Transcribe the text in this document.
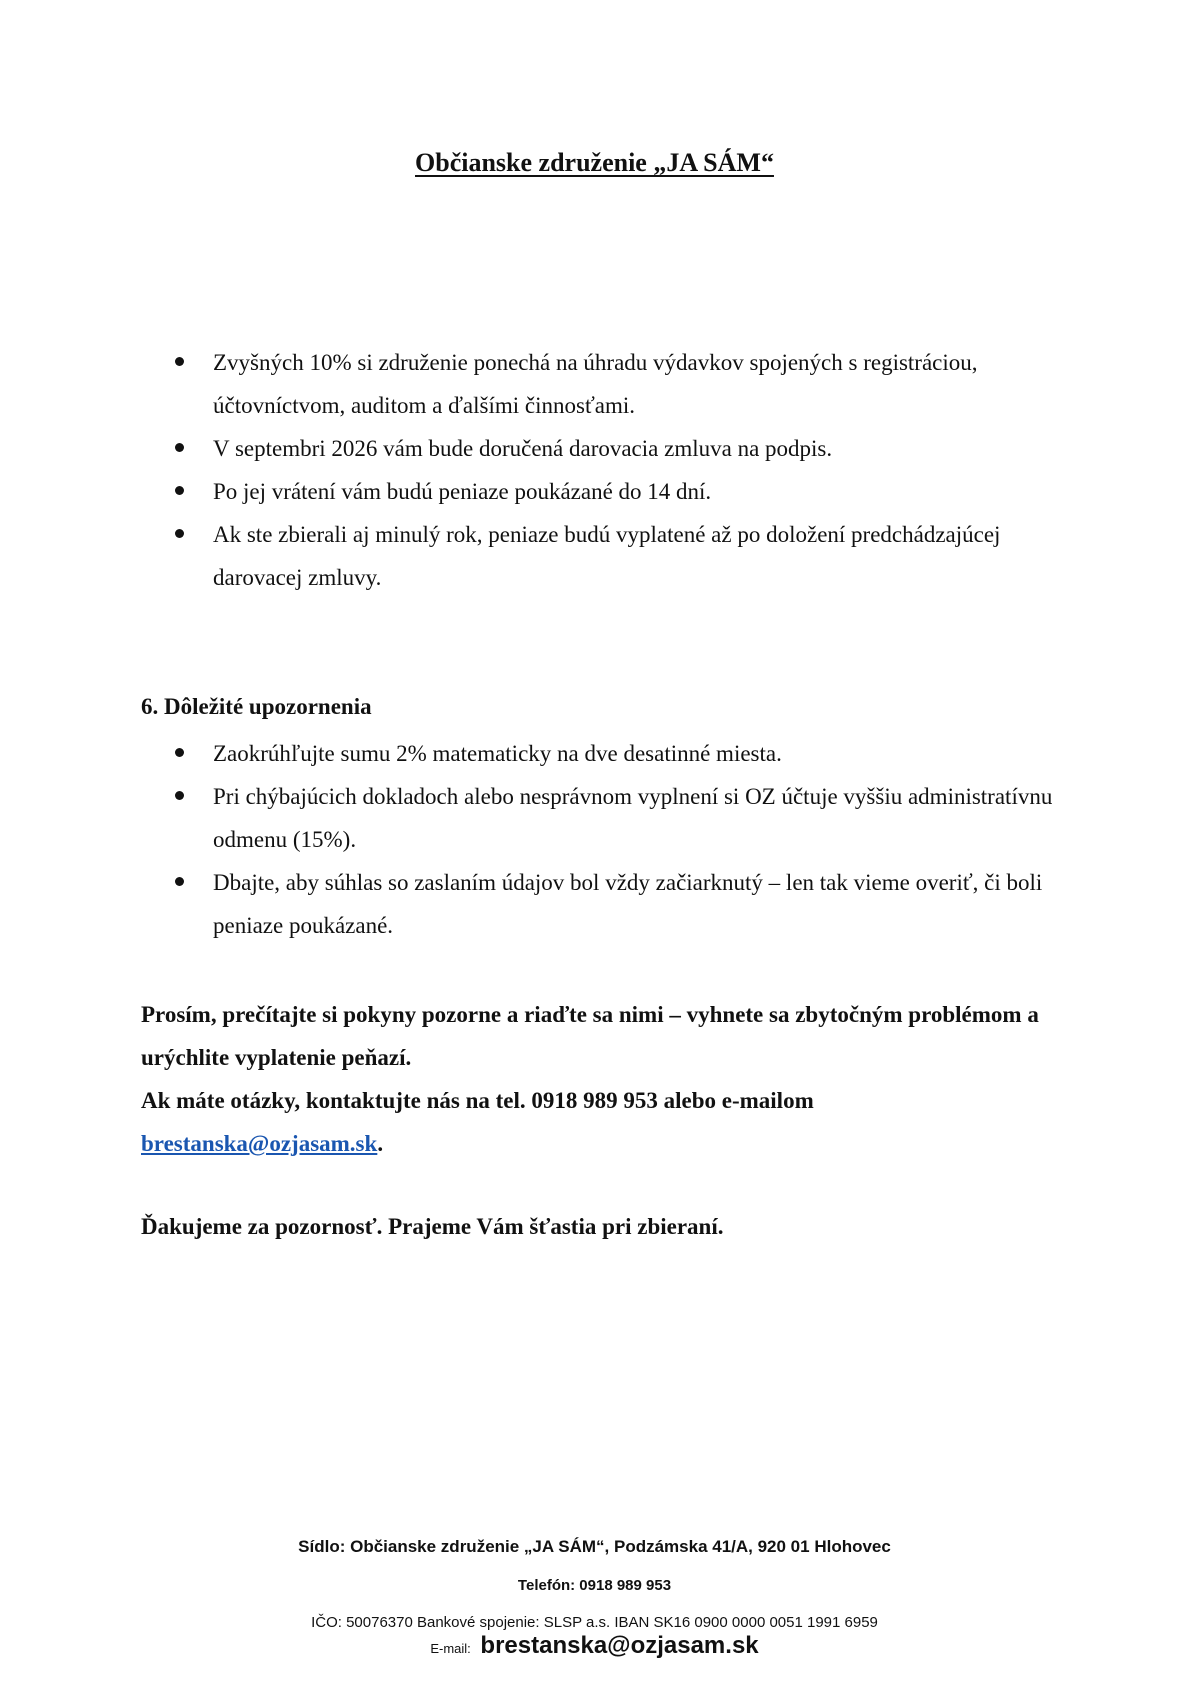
Občianske združenie „JA SÁM“
Zvyšných 10% si združenie ponechá na úhradu výdavkov spojených s registráciou, účtovníctvom, auditom a ďalšími činnosťami.
V septembri 2026 vám bude doručená darovacia zmluva na podpis.
Po jej vrátení vám budú peniaze poukázané do 14 dní.
Ak ste zbierali aj minulý rok, peniaze budú vyplatené až po doložení predchádzajúcej darovacej zmluvy.
6. Dôležité upozornenia
Zaokrúhľujte sumu 2% matematicky na dve desatinné miesta.
Pri chýbajúcich dokladoch alebo nesprávnom vyplnení si OZ účtuje vyššiu administratívnu odmenu (15%).
Dbajte, aby súhlas so zaslaním údajov bol vždy začiarknutý – len tak vieme overiť, či boli peniaze poukázané.

Prosím, prečítajte si pokyny pozorne a riaďte sa nimi – vyhnete sa zbytočným problémom a urýchlite vyplatenie peňazí.

Ak máte otázky, kontaktujte nás na tel. 0918 989 953 alebo e-mailom
brestanska@ozjasam.sk.

Ďakujeme za pozornosť. Prajeme Vám šťastia pri zbieraní.
Sídlo: Občianske združenie „JA SÁM“, Podzámska 41/A, 920 01 Hlohovec
Telefón: 0918 989 953
IČO: 50076370 Bankové spojenie: SLSP a.s. IBAN SK16 0900 0000 0051 1991 6959
E-mail: brestanska@ozjasam.sk
